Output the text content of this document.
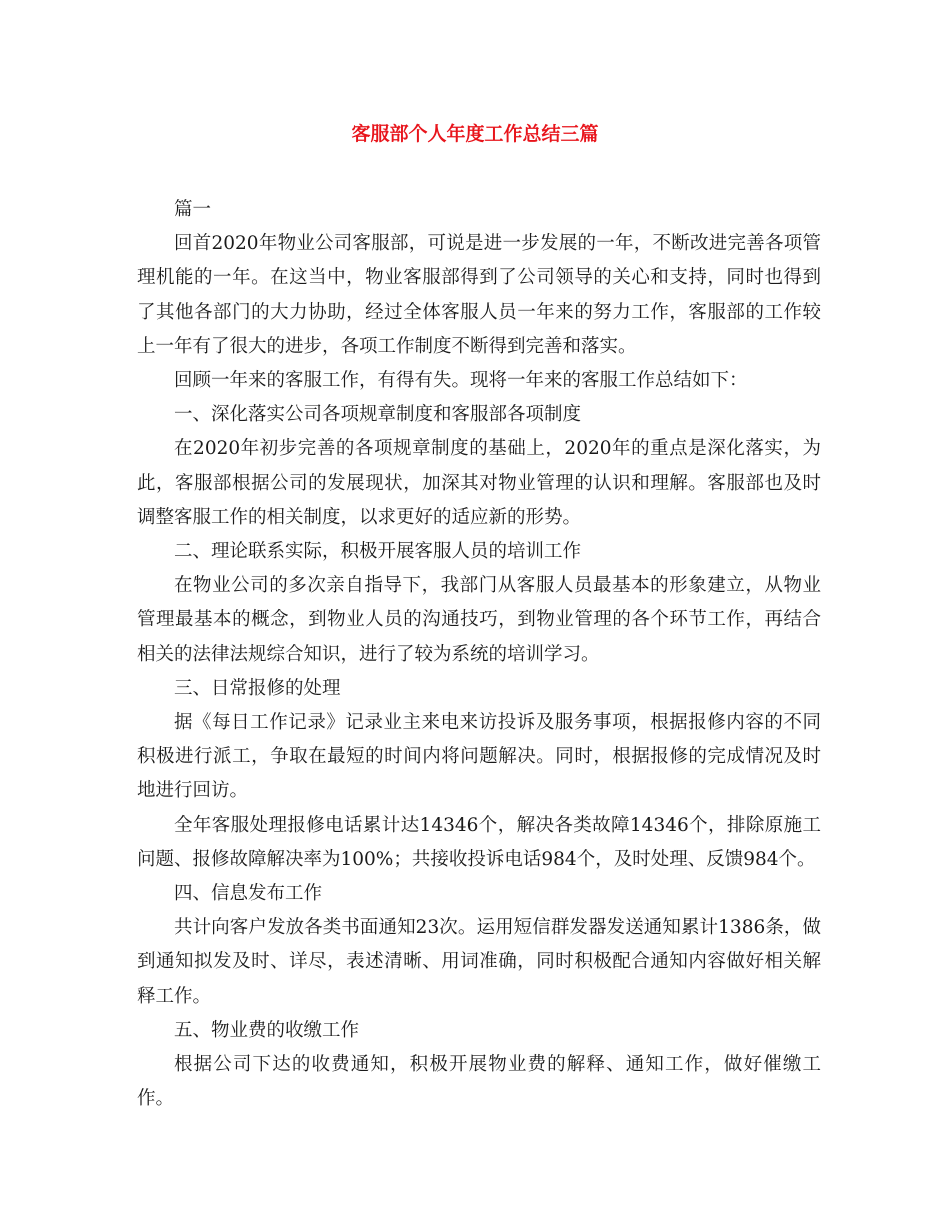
客服部个人年度工作总结三篇

篇一

回首2020年物业公司客服部，可说是进一步发展的一年，不断改进完善各项管理机能的一年。在这当中，物业客服部得到了公司领导的关心和支持，同时也得到了其他各部门的大力协助，经过全体客服人员一年来的努力工作，客服部的工作较上一年有了很大的进步，各项工作制度不断得到完善和落实。

回顾一年来的客服工作，有得有失。现将一年来的客服工作总结如下：

一、深化落实公司各项规章制度和客服部各项制度

在2020年初步完善的各项规章制度的基础上，2020年的重点是深化落实，为此，客服部根据公司的发展现状，加深其对物业管理的认识和理解。客服部也及时调整客服工作的相关制度，以求更好的适应新的形势。

二、理论联系实际，积极开展客服人员的培训工作

在物业公司的多次亲自指导下，我部门从客服人员最基本的形象建立，从物业管理最基本的概念，到物业人员的沟通技巧，到物业管理的各个环节工作，再结合相关的法律法规综合知识，进行了较为系统的培训学习。

三、日常报修的处理

据《每日工作记录》记录业主来电来访投诉及服务事项，根据报修内容的不同积极进行派工，争取在最短的时间内将问题解决。同时，根据报修的完成情况及时地进行回访。

全年客服处理报修电话累计达14346个，解决各类故障14346个，排除原施工问题、报修故障解决率为100%；共接收投诉电话984个，及时处理、反馈984个。

四、信息发布工作

共计向客户发放各类书面通知23次。运用短信群发器发送通知累计1386条，做到通知拟发及时、详尽，表述清晰、用词准确，同时积极配合通知内容做好相关解释工作。

五、物业费的收缴工作

根据公司下达的收费通知，积极开展物业费的解释、通知工作，做好催缴工作。
